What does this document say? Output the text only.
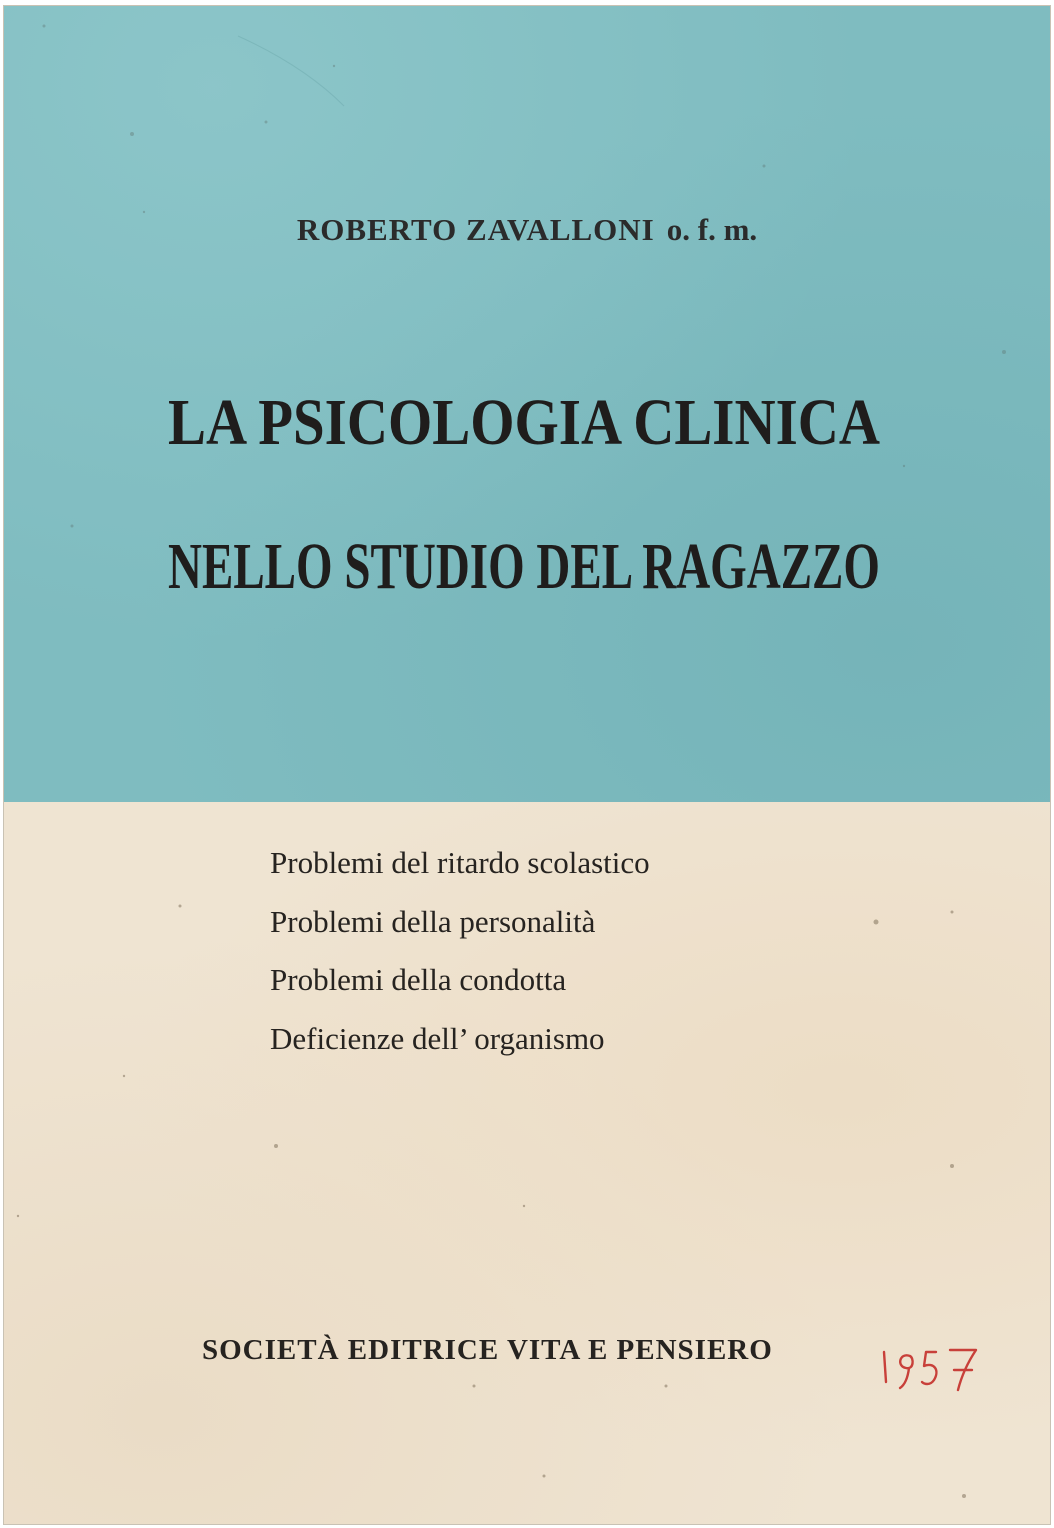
ROBERTO ZAVALLONI o. f. m.

LA PSICOLOGIA CLINICA
NELLO STUDIO DEL RAGAZZO
Problemi del ritardo scolastico
Problemi della personalità
Problemi della condotta
Deficienze dell’ organismo

SOCIETÀ EDITRICE VITA E PENSIERO
